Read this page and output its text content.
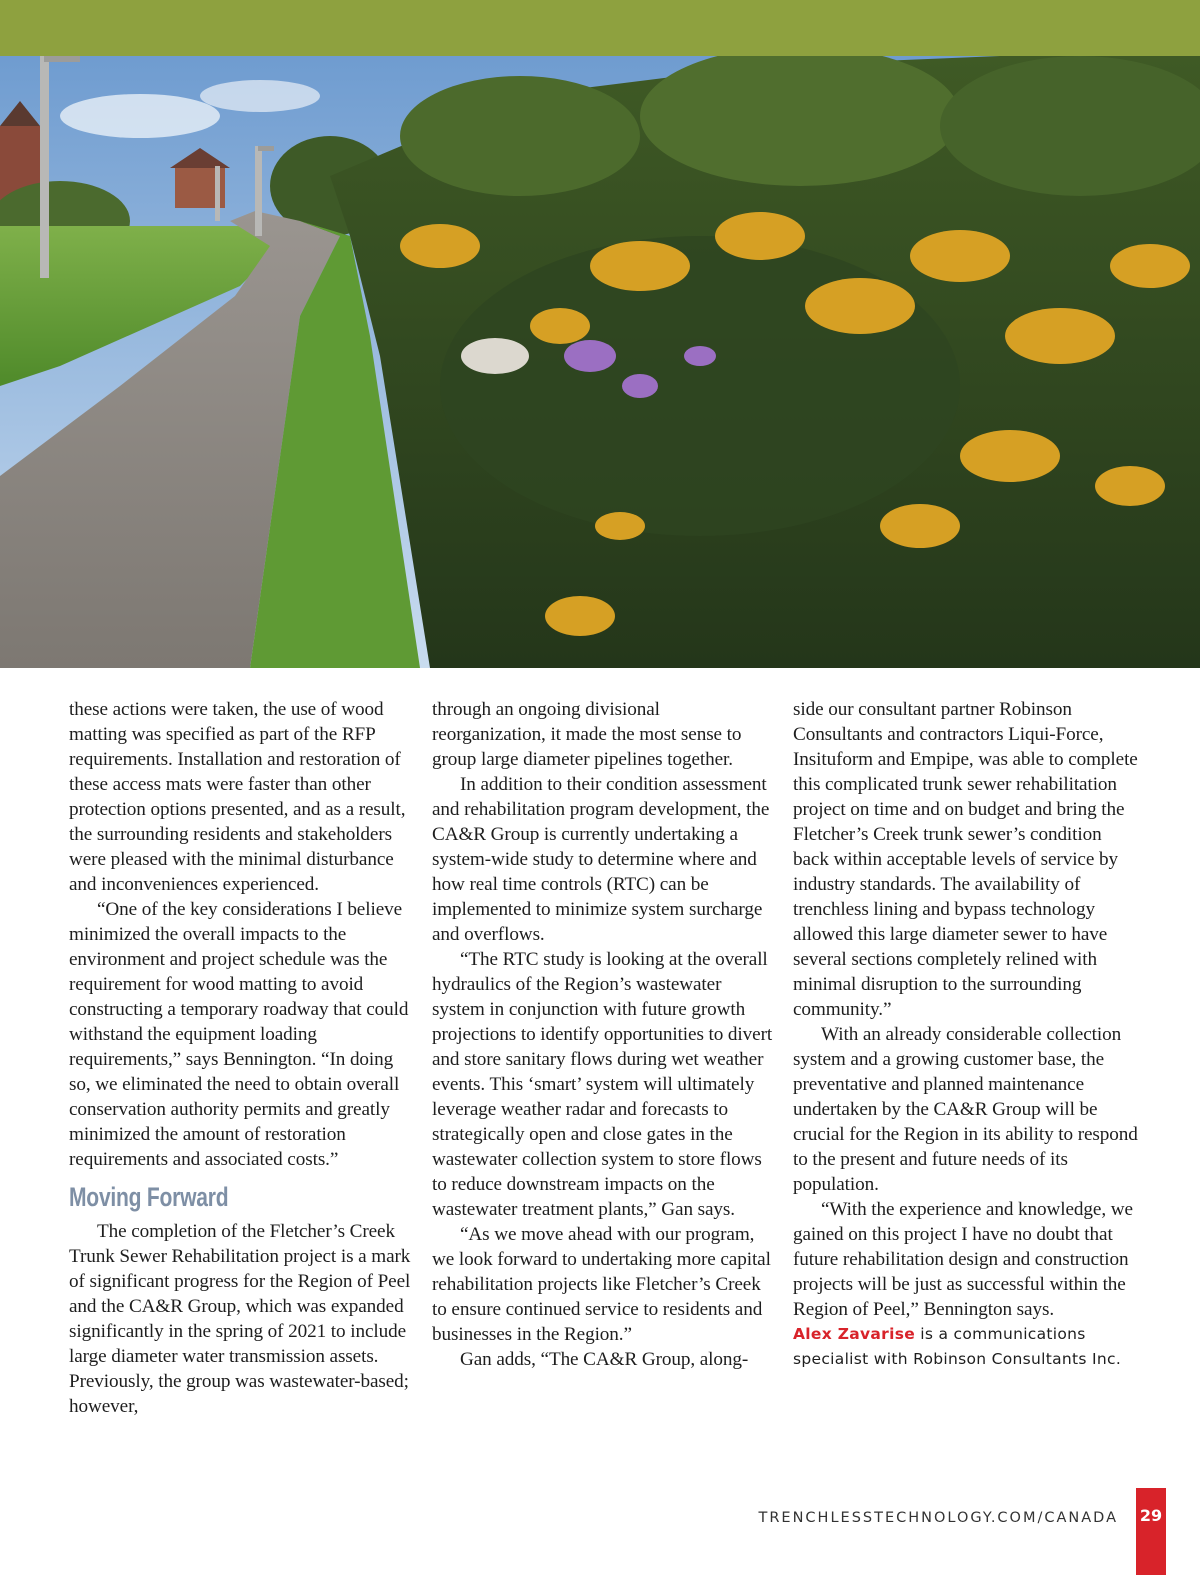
these actions were taken, the use of wood matting was specified as part of the RFP requirements. Installation and restoration of these access mats were faster than other protection options presented, and as a result, the surrounding residents and stakeholders were pleased with the minimal disturbance and inconveniences experienced.

“One of the key considerations I believe minimized the overall impacts to the environment and project schedule was the requirement for wood matting to avoid constructing a temporary roadway that could withstand the equipment loading requirements,” says Bennington. “In doing so, we eliminated the need to obtain overall conservation authority permits and greatly minimized the amount of restoration requirements and associated costs.”

Moving Forward

The completion of the Fletcher’s Creek Trunk Sewer Rehabilitation project is a mark of significant progress for the Region of Peel and the CA&R Group, which was expanded significantly in the spring of 2021 to include large diameter water transmission assets. Previously, the group was wastewater-based; however,

through an ongoing divisional reorganization, it made the most sense to group large diameter pipelines together.

In addition to their condition assessment and rehabilitation program development, the CA&R Group is currently undertaking a system-wide study to determine where and how real time controls (RTC) can be implemented to minimize system surcharge and overflows.

“The RTC study is looking at the overall hydraulics of the Region’s wastewater system in conjunction with future growth projections to identify opportunities to divert and store sanitary flows during wet weather events. This ‘smart’ system will ultimately leverage weather radar and forecasts to strategically open and close gates in the wastewater collection system to store flows to reduce downstream impacts on the wastewater treatment plants,” Gan says.

“As we move ahead with our program, we look forward to undertaking more capital rehabilitation projects like Fletcher’s Creek to ensure continued service to residents and businesses in the Region.”

Gan adds, “The CA&R Group, along-

side our consultant partner Robinson Consultants and contractors Liqui-Force, Insituform and Empipe, was able to complete this complicated trunk sewer rehabilitation project on time and on budget and bring the Fletcher’s Creek trunk sewer’s condition back within acceptable levels of service by industry standards. The availability of trenchless lining and bypass technology allowed this large diameter sewer to have several sections completely relined with minimal disruption to the surrounding community.”

With an already considerable collection system and a growing customer base, the preventative and planned maintenance undertaken by the CA&R Group will be crucial for the Region in its ability to respond to the present and future needs of its population.

“With the experience and knowledge, we gained on this project I have no doubt that future rehabilitation design and construction projects will be just as successful within the Region of Peel,” Bennington says.

Alex Zavarise is a communications specialist with Robinson Consultants Inc.

TRENCHLESSTECHNOLOGY.COM/CANADA 29
